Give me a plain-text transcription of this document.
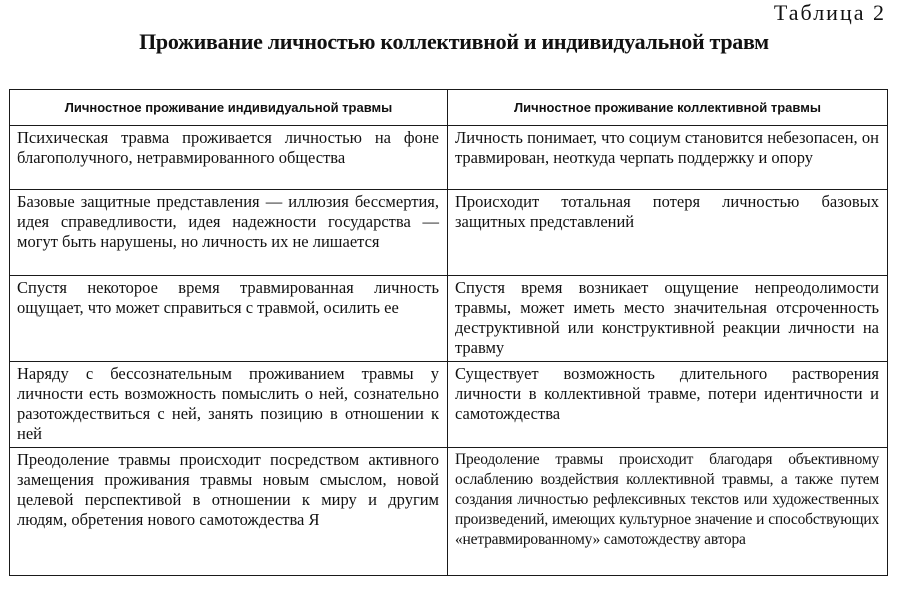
Таблица 2
Проживание личностью коллективной и индивидуальной травм
Личностное проживание индивидуальной травмы	Личностное проживание коллективной травмы
Психическая травма проживается личностью на фоне благополучного, нетравмированного общества	Личность понимает, что социум становится небезопасен, он травмирован, неоткуда черпать поддержку и опору
Базовые защитные представления — иллюзия бессмертия, идея справедливости, идея надежности государства — могут быть нарушены, но личность их не лишается	Происходит тотальная потеря личностью базовых защитных представлений
Спустя некоторое время травмированная личность ощущает, что может справиться с травмой, осилить ее	Спустя время возникает ощущение непреодолимости травмы, может иметь место значительная отсроченность деструктивной или конструктивной реакции личности на травму
Наряду с бессознательным проживанием травмы у личности есть возможность помыслить о ней, сознательно разотождествиться с ней, занять позицию в отношении к ней	Существует возможность длительного растворения личности в коллективной травме, потери идентичности и самотождества
Преодоление травмы происходит посредством активного замещения проживания травмы новым смыслом, новой целевой перспективой в отношении к миру и другим людям, обретения нового самотождества Я	Преодоление травмы происходит благодаря объективному ослаблению воздействия коллективной травмы, а также путем создания личностью рефлексивных текстов или художественных произведений, имеющих культурное значение и способствующих «нетравмированному» самотождеству автора
